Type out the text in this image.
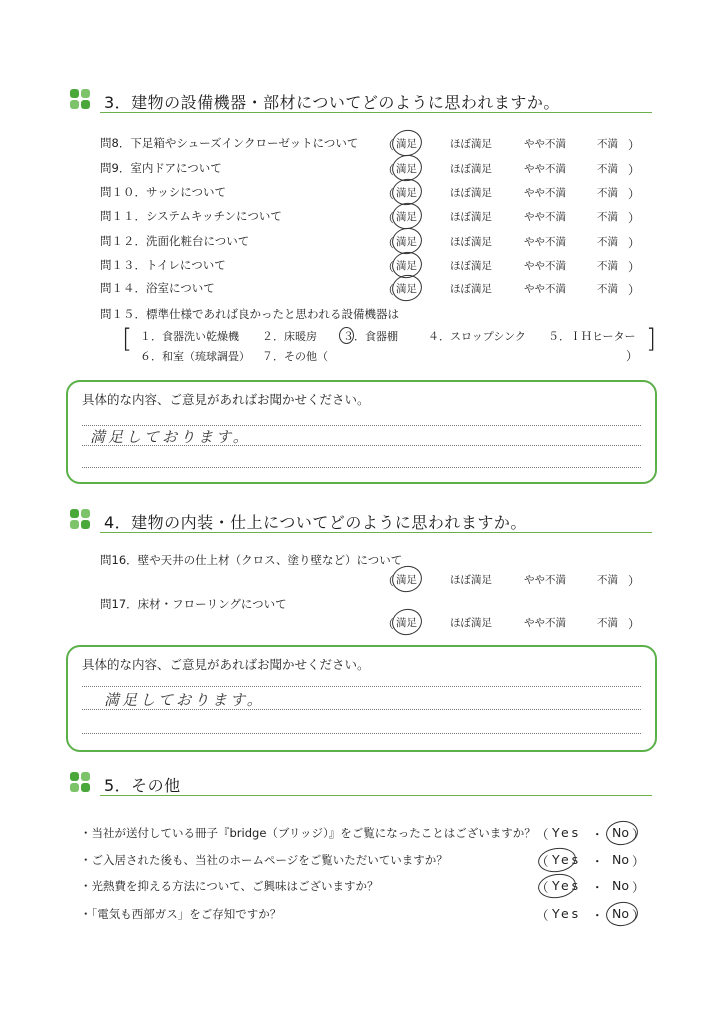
3．建物の設備機器・部材についてどのように思われますか。
問8．下足箱やシューズインクローゼットについて （ 満足	ほぼ満足	やや不満	不満 ）
問9．室内ドアについて	（ 満足	ほぼ満足	やや不満	不満 ）
問１０．サッシについて	（ 満足	ほぼ満足	やや不満	不満 ）
問１１．システムキッチンについて	（ 満足	ほぼ満足	やや不満	不満 ）
問１２．洗面化粧台について	（ 満足	ほぼ満足	やや不満	不満 ）
問１３．トイレについて	（ 満足	ほぼ満足	やや不満	不満 ）
問１４．浴室について	（ 満足	ほぼ満足	やや不満	不満 ）
問１５．標準仕様であれば良かったと思われる設備機器は
[	]
１．食器洗い乾燥機 ２．床暖房 ３．食器棚	４．スロップシンク ５．ＩＨヒーター
６．和室（琉球調畳） ７．その他（	）
具体的な内容、ご意見があればお聞かせください。
満足しております。
4．建物の内装・仕上についてどのように思われますか。
問16．壁や天井の仕上材（クロス、塗り壁など）について
（ 満足	ほぼ満足	やや不満	不満 ）
問17．床材・フローリングについて
（ 満足	ほぼ満足	やや不満	不満 ）
具体的な内容、ご意見があればお聞かせください。
満足しております。
5．その他
・当社が送付している冊子『bridge（ブリッジ）』をご覧になったことはございますか？ （ Yes ・ No ）
・ご入居された後も、当社のホームページをご覧いただいていますか？	（ Yes ・ No ）
・光熱費を抑える方法について、ご興味はございますか？	（ Yes ・ No ）
・「電気も西部ガス」をご存知ですか？	（ Yes ・ No ）
